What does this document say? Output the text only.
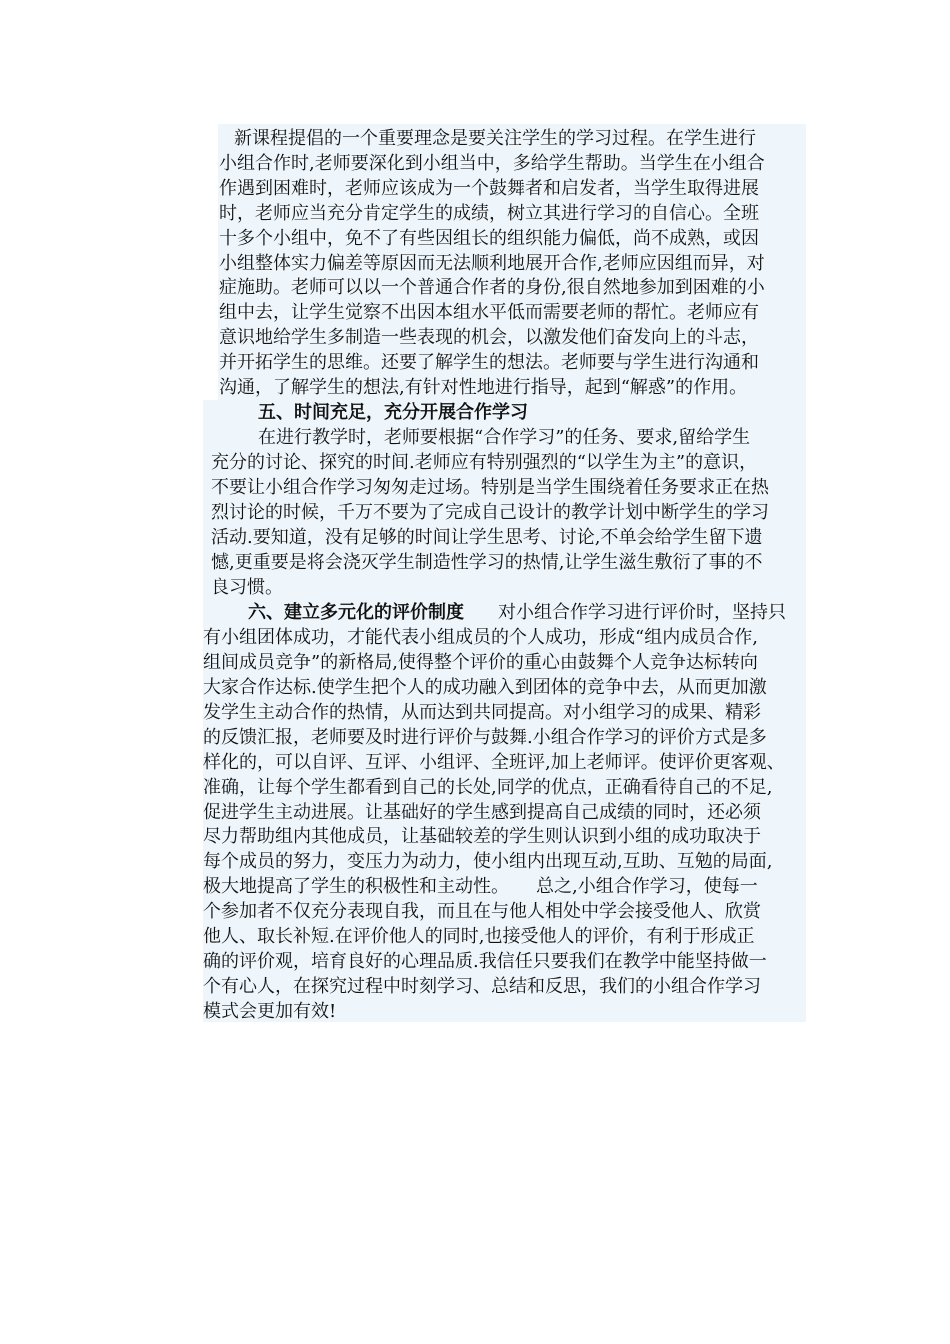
新课程提倡的一个重要理念是要关注学生的学习过程。在学生进行
小组合作时,老师要深化到小组当中，多给学生帮助。当学生在小组合
作遇到困难时，老师应该成为一个鼓舞者和启发者，当学生取得进展
时，老师应当充分肯定学生的成绩，树立其进行学习的自信心。全班
十多个小组中，免不了有些因组长的组织能力偏低，尚不成熟，或因
小组整体实力偏差等原因而无法顺利地展开合作,老师应因组而异，对
症施助。老师可以以一个普通合作者的身份,很自然地参加到困难的小
组中去，让学生觉察不出因本组水平低而需要老师的帮忙。老师应有
意识地给学生多制造一些表现的机会，以激发他们奋发向上的斗志，
并开拓学生的思维。还要了解学生的想法。老师要与学生进行沟通和
沟通，了解学生的想法,有针对性地进行指导，起到“解惑”的作用。
五、时间充足，充分开展合作学习
在进行教学时，老师要根据“合作学习”的任务、要求,留给学生
充分的讨论、探究的时间.老师应有特别强烈的“以学生为主”的意识，
不要让小组合作学习匆匆走过场。特别是当学生围绕着任务要求正在热
烈讨论的时候，千万不要为了完成自己设计的教学计划中断学生的学习
活动.要知道，没有足够的时间让学生思考、讨论,不单会给学生留下遗
憾,更重要是将会浇灭学生制造性学习的热情,让学生滋生敷衍了事的不
良习惯。
六、建立多元化的评价制度 对小组合作学习进行评价时，坚持只
有小组团体成功，才能代表小组成员的个人成功，形成“组内成员合作,
组间成员竞争”的新格局,使得整个评价的重心由鼓舞个人竞争达标转向
大家合作达标.使学生把个人的成功融入到团体的竞争中去，从而更加激
发学生主动合作的热情，从而达到共同提高。对小组学习的成果、精彩
的反馈汇报，老师要及时进行评价与鼓舞.小组合作学习的评价方式是多
样化的，可以自评、互评、小组评、全班评,加上老师评。使评价更客观、
准确，让每个学生都看到自己的长处,同学的优点，正确看待自己的不足,
促进学生主动进展。让基础好的学生感到提高自己成绩的同时，还必须
尽力帮助组内其他成员，让基础较差的学生则认识到小组的成功取决于
每个成员的努力，变压力为动力，使小组内出现互动,互助、互勉的局面,
极大地提高了学生的积极性和主动性。　　总之,小组合作学习，使每一
个参加者不仅充分表现自我，而且在与他人相处中学会接受他人、欣赏
他人、取长补短.在评价他人的同时,也接受他人的评价，有利于形成正
确的评价观，培育良好的心理品质.我信任只要我们在教学中能坚持做一
个有心人，在探究过程中时刻学习、总结和反思，我们的小组合作学习
模式会更加有效!
